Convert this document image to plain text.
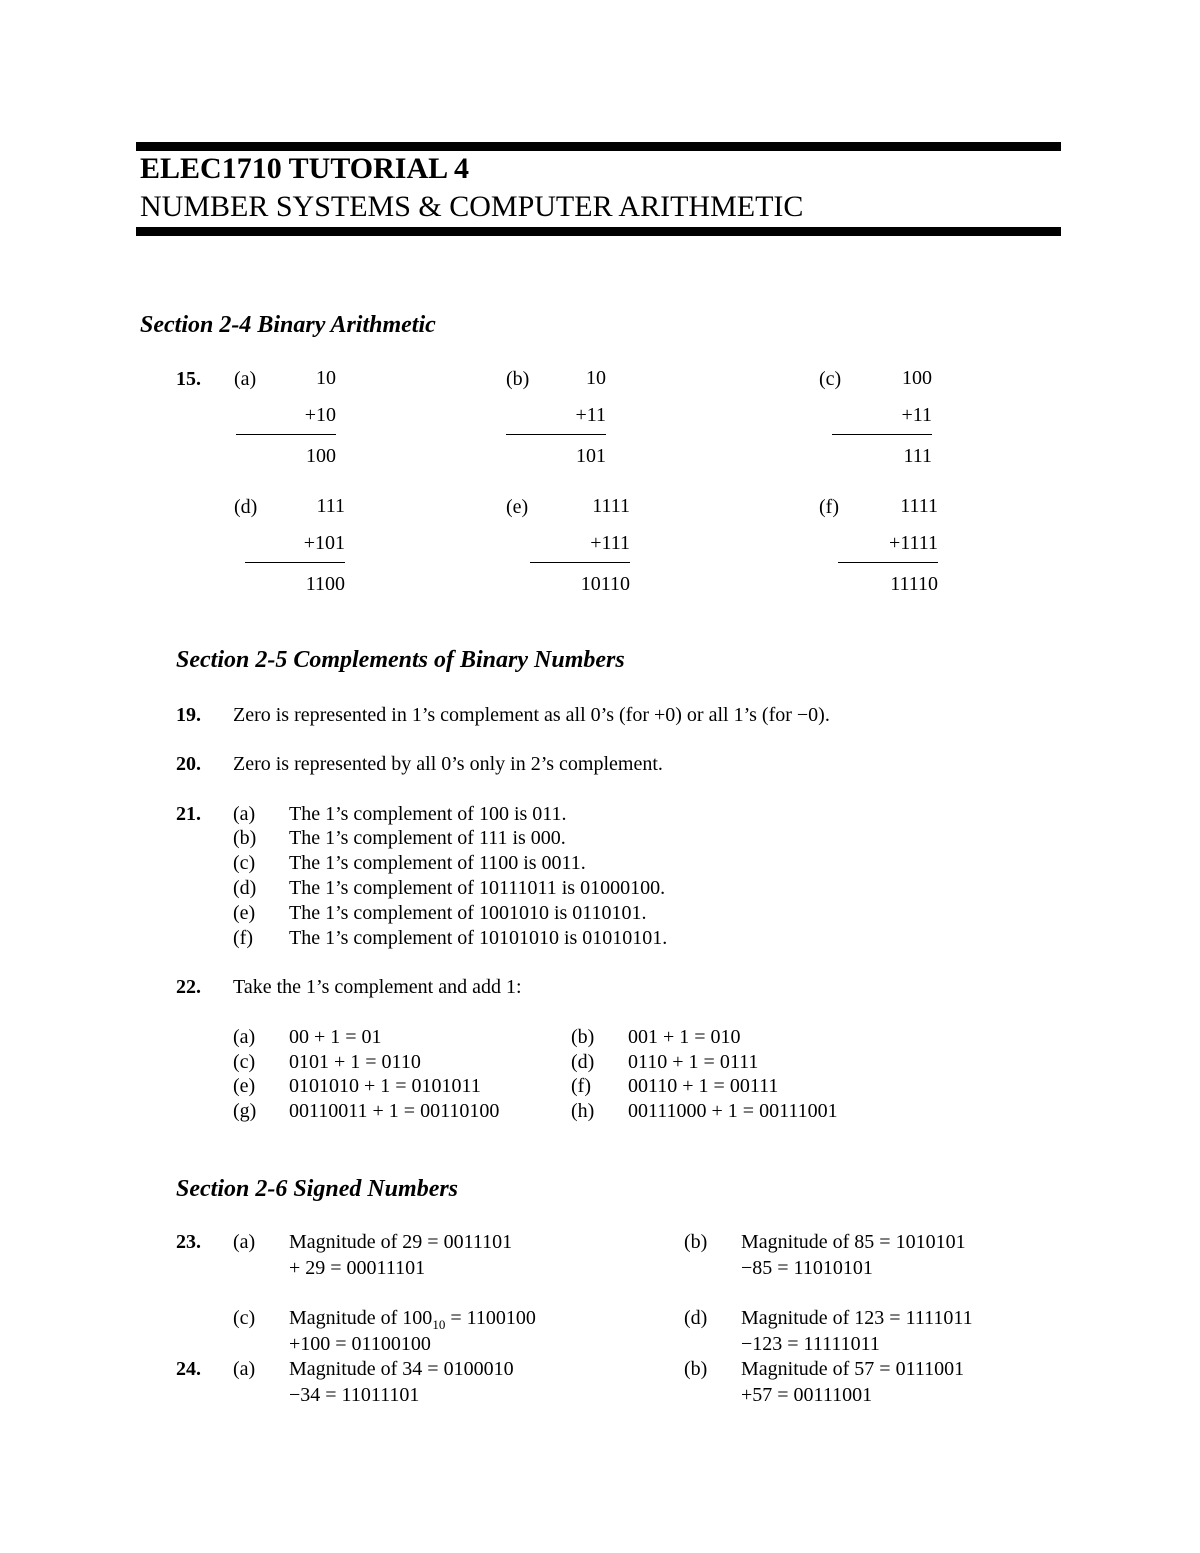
ELEC1710 TUTORIAL 4
NUMBER SYSTEMS & COMPUTER ARITHMETIC
Section 2-4 Binary Arithmetic
15. (a)	10
+10
100
(b)	10
+11
101
(c)	100
+11
111
(d)	111
+101
1100
(e)	1111
+111
10110
(f)	1111
+1111
11110
Section 2-5 Complements of Binary Numbers
19. Zero is represented in 1’s complement as all 0’s (for +0) or all 1’s (for −0).
20. Zero is represented by all 0’s only in 2’s complement.
21. (a) The 1’s complement of 100 is 011.
(b) The 1’s complement of 111 is 000.
(c) The 1’s complement of 1100 is 0011.
(d) The 1’s complement of 10111011 is 01000100.
(e) The 1’s complement of 1001010 is 0110101.
(f) The 1’s complement of 10101010 is 01010101.
22. Take the 1’s complement and add 1:
(a) 00 + 1 = 01	(b) 001 + 1 = 010
(c) 0101 + 1 = 0110	(d) 0110 + 1 = 0111
(e) 0101010 + 1 = 0101011	(f) 00110 + 1 = 00111
(g) 00110011 + 1 = 00110100	(h) 00111000 + 1 = 00111001
Section 2-6 Signed Numbers
23. (a) Magnitude of 29 = 0011101
+ 29 = 00011101
(b) Magnitude of 85 = 1010101
−85 = 11010101
(c) Magnitude of $100_{10} = 1100100$
+100 = 01100100
(d) Magnitude of 123 = 1111011
−123 = 11111011
24. (a) Magnitude of 34 = 0100010
−34 = 11011101
(b) Magnitude of 57 = 0111001
+57 = 00111001
